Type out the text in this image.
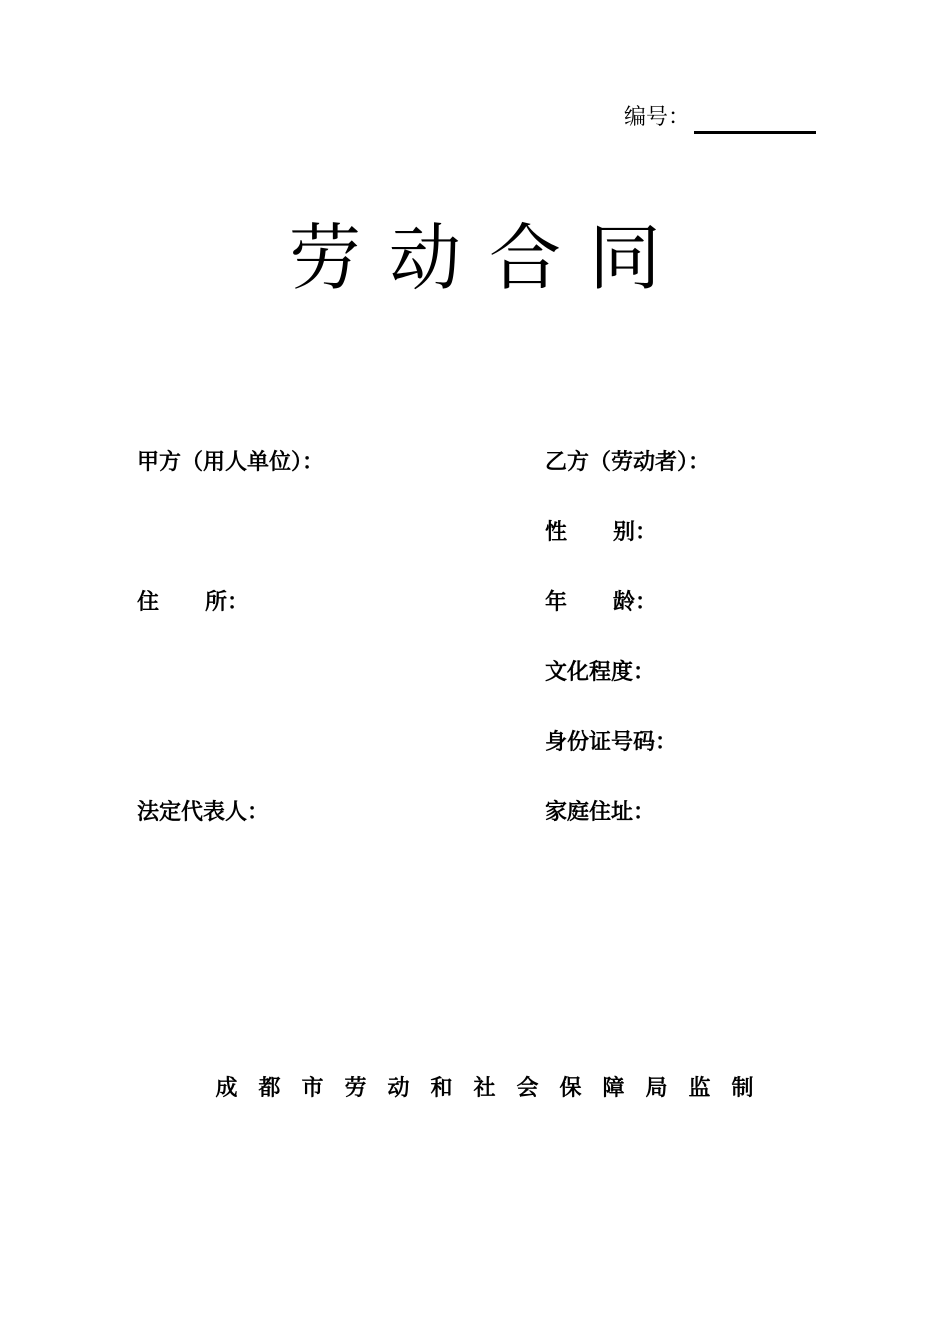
编号：
劳动合同
甲方（用人单位）：	乙方（劳动者）：
性      别：
住      所：	年      龄：
文化程度：
身份证号码：
法定代表人：	家庭住址：
成都市劳动和社会保障局监制
